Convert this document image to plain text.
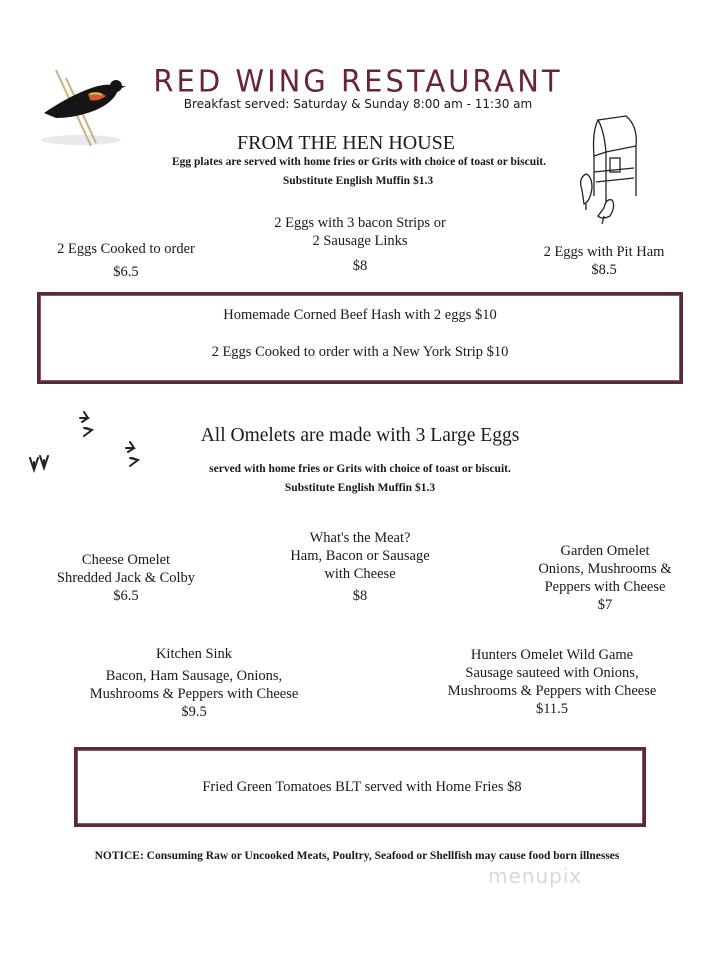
RED WING RESTAURANT
Breakfast served: Saturday & Sunday 8:00 am - 11:30 am
FROM THE HEN HOUSE
Egg plates are served with home fries or Grits with choice of toast or biscuit.
Substitute English Muffin $1.3
2 Eggs Cooked to order
$6.5
2 Eggs with 3 bacon Strips or
2 Sausage Links
$8
2 Eggs with Pit Ham
$8.5
Homemade Corned Beef Hash with 2 eggs $10
2 Eggs Cooked to order with a New York Strip $10
All Omelets are made with 3 Large Eggs
served with home fries or Grits with choice of toast or biscuit.
Substitute English Muffin $1.3
Cheese Omelet
Shredded Jack & Colby
$6.5
What's the Meat?
Ham, Bacon or Sausage
with Cheese
$8
Garden Omelet
Onions, Mushrooms &
Peppers with Cheese
$7
Kitchen Sink
Bacon, Ham Sausage, Onions,
Mushrooms & Peppers with Cheese
$9.5
Hunters Omelet Wild Game
Sausage sauteed with Onions,
Mushrooms & Peppers with Cheese
$11.5
Fried Green Tomatoes BLT served with Home Fries $8
NOTICE: Consuming Raw or Uncooked Meats, Poultry, Seafood or Shellfish may cause food born illnesses
menupix
